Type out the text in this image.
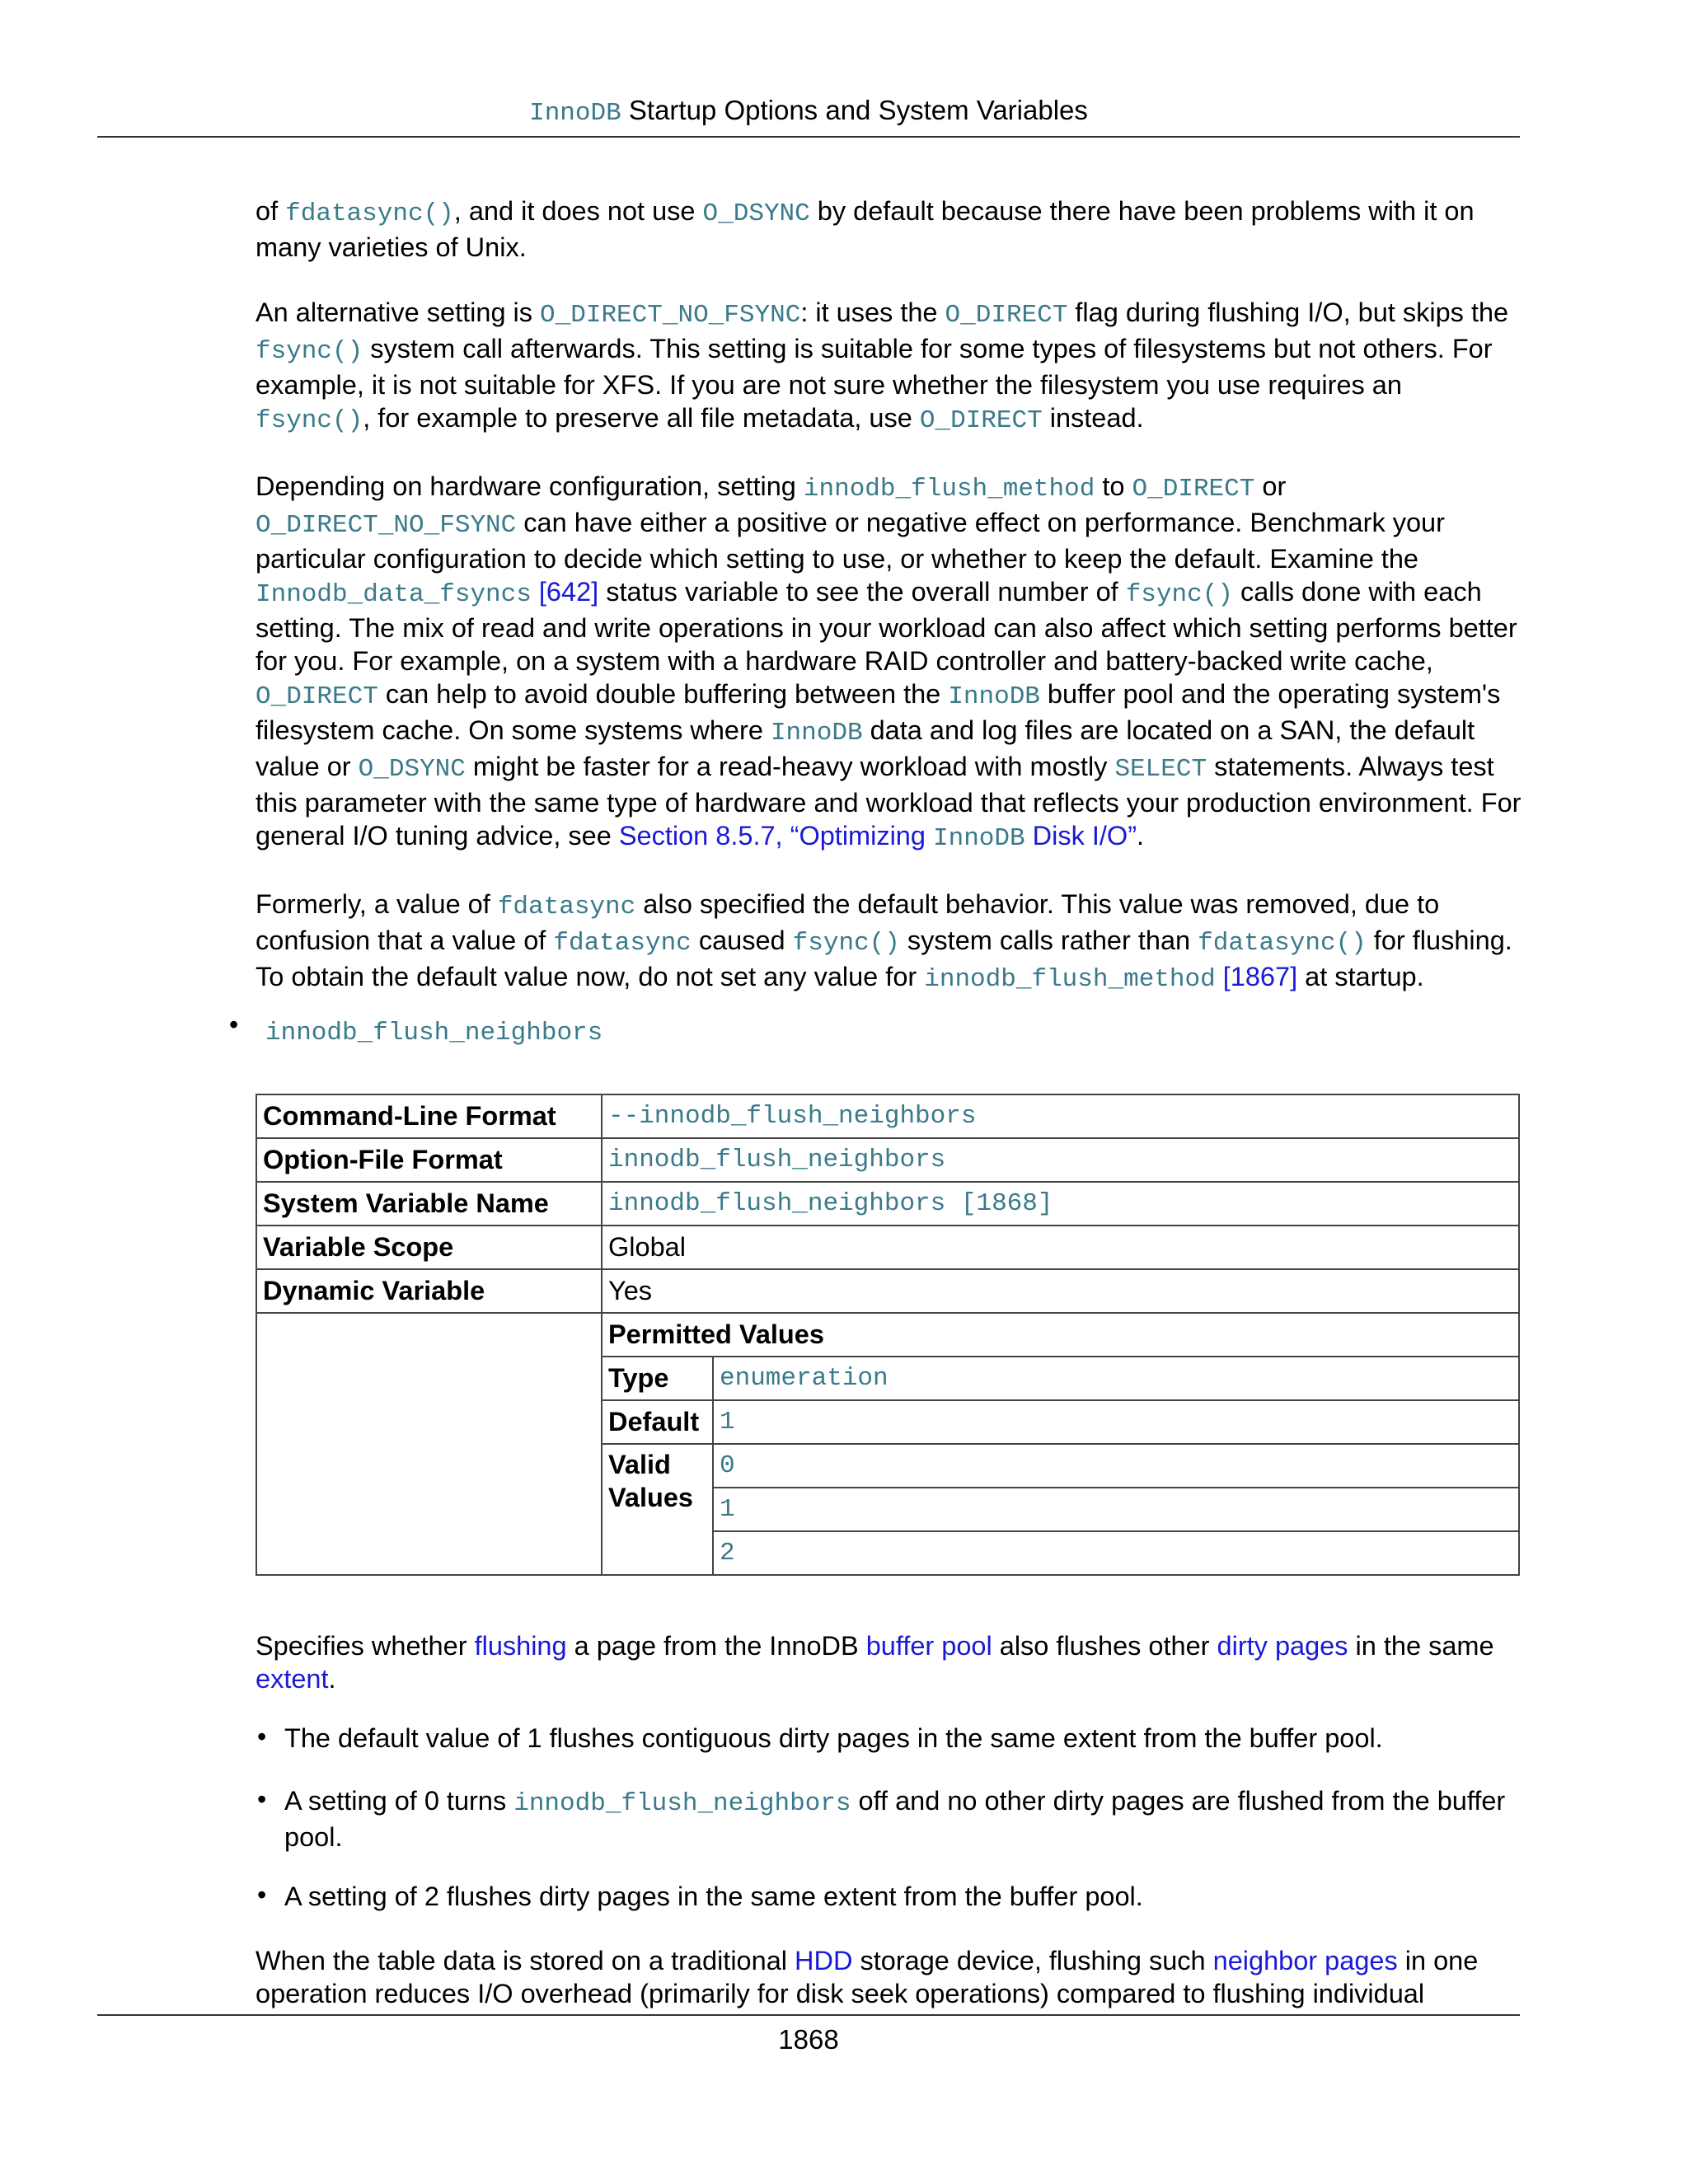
InnoDB Startup Options and System Variables

of fdatasync(), and it does not use O_DSYNC by default because there have been problems with it on many varieties of Unix.

An alternative setting is O_DIRECT_NO_FSYNC: it uses the O_DIRECT flag during flushing I/O, but skips the fsync() system call afterwards. This setting is suitable for some types of filesystems but not others. For example, it is not suitable for XFS. If you are not sure whether the filesystem you use requires an fsync(), for example to preserve all file metadata, use O_DIRECT instead.

Depending on hardware configuration, setting innodb_flush_method to O_DIRECT or O_DIRECT_NO_FSYNC can have either a positive or negative effect on performance. Benchmark your particular configuration to decide which setting to use, or whether to keep the default. Examine the Innodb_data_fsyncs [642] status variable to see the overall number of fsync() calls done with each setting. The mix of read and write operations in your workload can also affect which setting performs better for you. For example, on a system with a hardware RAID controller and battery-backed write cache, O_DIRECT can help to avoid double buffering between the InnoDB buffer pool and the operating system's filesystem cache. On some systems where InnoDB data and log files are located on a SAN, the default value or O_DSYNC might be faster for a read-heavy workload with mostly SELECT statements. Always test this parameter with the same type of hardware and workload that reflects your production environment. For general I/O tuning advice, see Section 8.5.7, “Optimizing InnoDB Disk I/O”.

Formerly, a value of fdatasync also specified the default behavior. This value was removed, due to confusion that a value of fdatasync caused fsync() system calls rather than fdatasync() for flushing. To obtain the default value now, do not set any value for innodb_flush_method [1867] at startup.

• innodb_flush_neighbors
Command-Line Format	--innodb_flush_neighbors
Option-File Format	innodb_flush_neighbors
System Variable Name	innodb_flush_neighbors [1868]
Variable Scope	Global
Dynamic Variable	Yes

Permitted Values
Type	enumeration
Default	1
Valid
Values	0
1
2

Specifies whether flushing a page from the InnoDB buffer pool also flushes other dirty pages in the same extent.

• The default value of 1 flushes contiguous dirty pages in the same extent from the buffer pool.
• A setting of 0 turns innodb_flush_neighbors off and no other dirty pages are flushed from the buffer pool.
• A setting of 2 flushes dirty pages in the same extent from the buffer pool.

When the table data is stored on a traditional HDD storage device, flushing such neighbor pages in one operation reduces I/O overhead (primarily for disk seek operations) compared to flushing individual

1868
